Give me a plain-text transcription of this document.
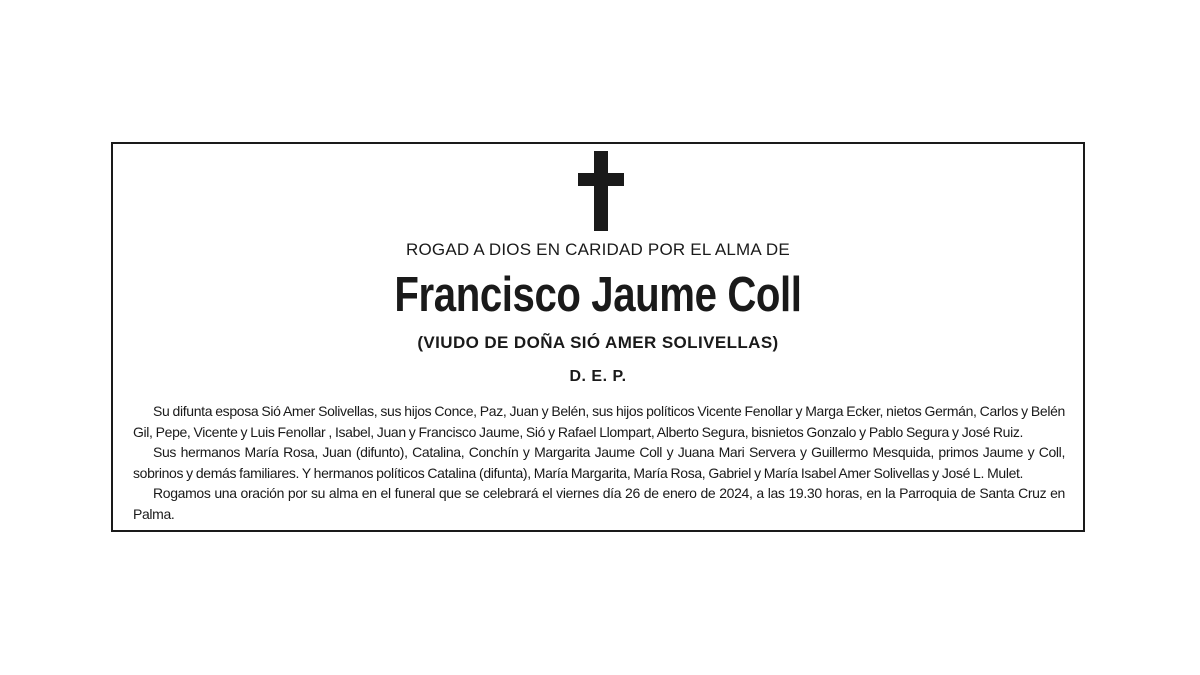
ROGAD A DIOS EN CARIDAD POR EL ALMA DE
Francisco Jaume Coll
(VIUDO DE DOÑA SIÓ AMER SOLIVELLAS)
D. E. P.

Su difunta esposa Sió Amer Solivellas, sus hijos Conce, Paz, Juan y Belén, sus hijos políticos Vicente Fenollar y Marga Ecker, nietos Germán, Carlos y Belén Gil, Pepe, Vicente y Luis Fenollar , Isabel, Juan y Francisco Jaume, Sió y Rafael Llompart, Alberto Segura, bisnietos Gonzalo y Pablo Segura y José Ruiz.

Sus hermanos María Rosa, Juan (difunto), Catalina, Conchín y Margarita Jaume Coll y Juana Mari Servera y Guillermo Mesquida, primos Jaume y Coll, sobrinos y demás familiares. Y hermanos políticos Catalina (difunta), María Margarita, María Rosa, Gabriel y María Isabel Amer Solivellas y José L. Mulet.

Rogamos una oración por su alma en el funeral que se celebrará el viernes día 26 de enero de 2024, a las 19.30 horas, en la Parroquia de Santa Cruz en Palma.
